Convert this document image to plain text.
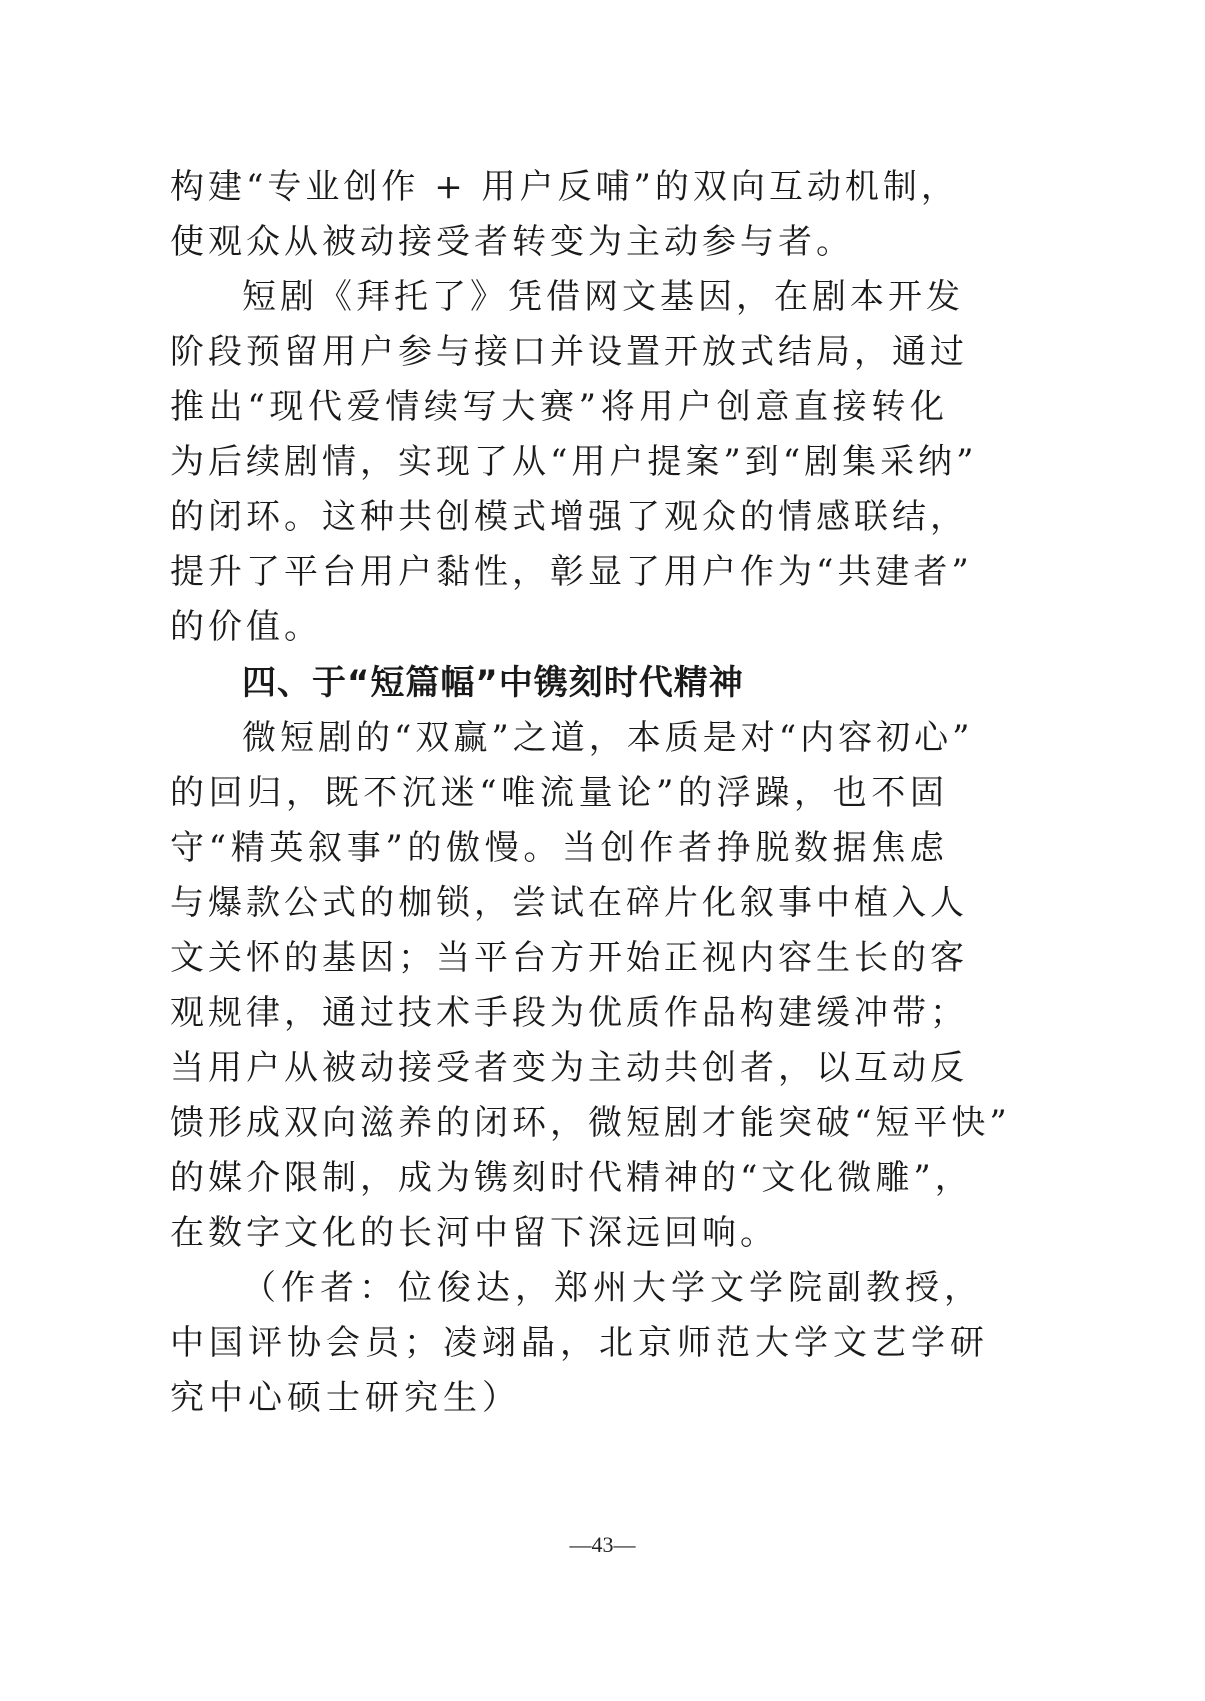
构建“专业创作 + 用户反哺”的双向互动机制，
使观众从被动接受者转变为主动参与者。
短剧《拜托了》凭借网文基因，在剧本开发
阶段预留用户参与接口并设置开放式结局，通过
推出“现代爱情续写大赛”将用户创意直接转化
为后续剧情，实现了从“用户提案”到“剧集采纳”
的闭环。这种共创模式增强了观众的情感联结，
提升了平台用户黏性，彰显了用户作为“共建者”
的价值。
四、于“短篇幅”中镌刻时代精神
微短剧的“双赢”之道，本质是对“内容初心”
的回归，既不沉迷“唯流量论”的浮躁，也不固
守“精英叙事”的傲慢。当创作者挣脱数据焦虑
与爆款公式的枷锁，尝试在碎片化叙事中植入人
文关怀的基因；当平台方开始正视内容生长的客
观规律，通过技术手段为优质作品构建缓冲带；
当用户从被动接受者变为主动共创者，以互动反
馈形成双向滋养的闭环，微短剧才能突破“短平快”
的媒介限制，成为镌刻时代精神的“文化微雕”，
在数字文化的长河中留下深远回响。
（作者：位俊达，郑州大学文学院副教授，
中国评协会员；凌翊晶，北京师范大学文艺学研
究中心硕士研究生）
—43—
